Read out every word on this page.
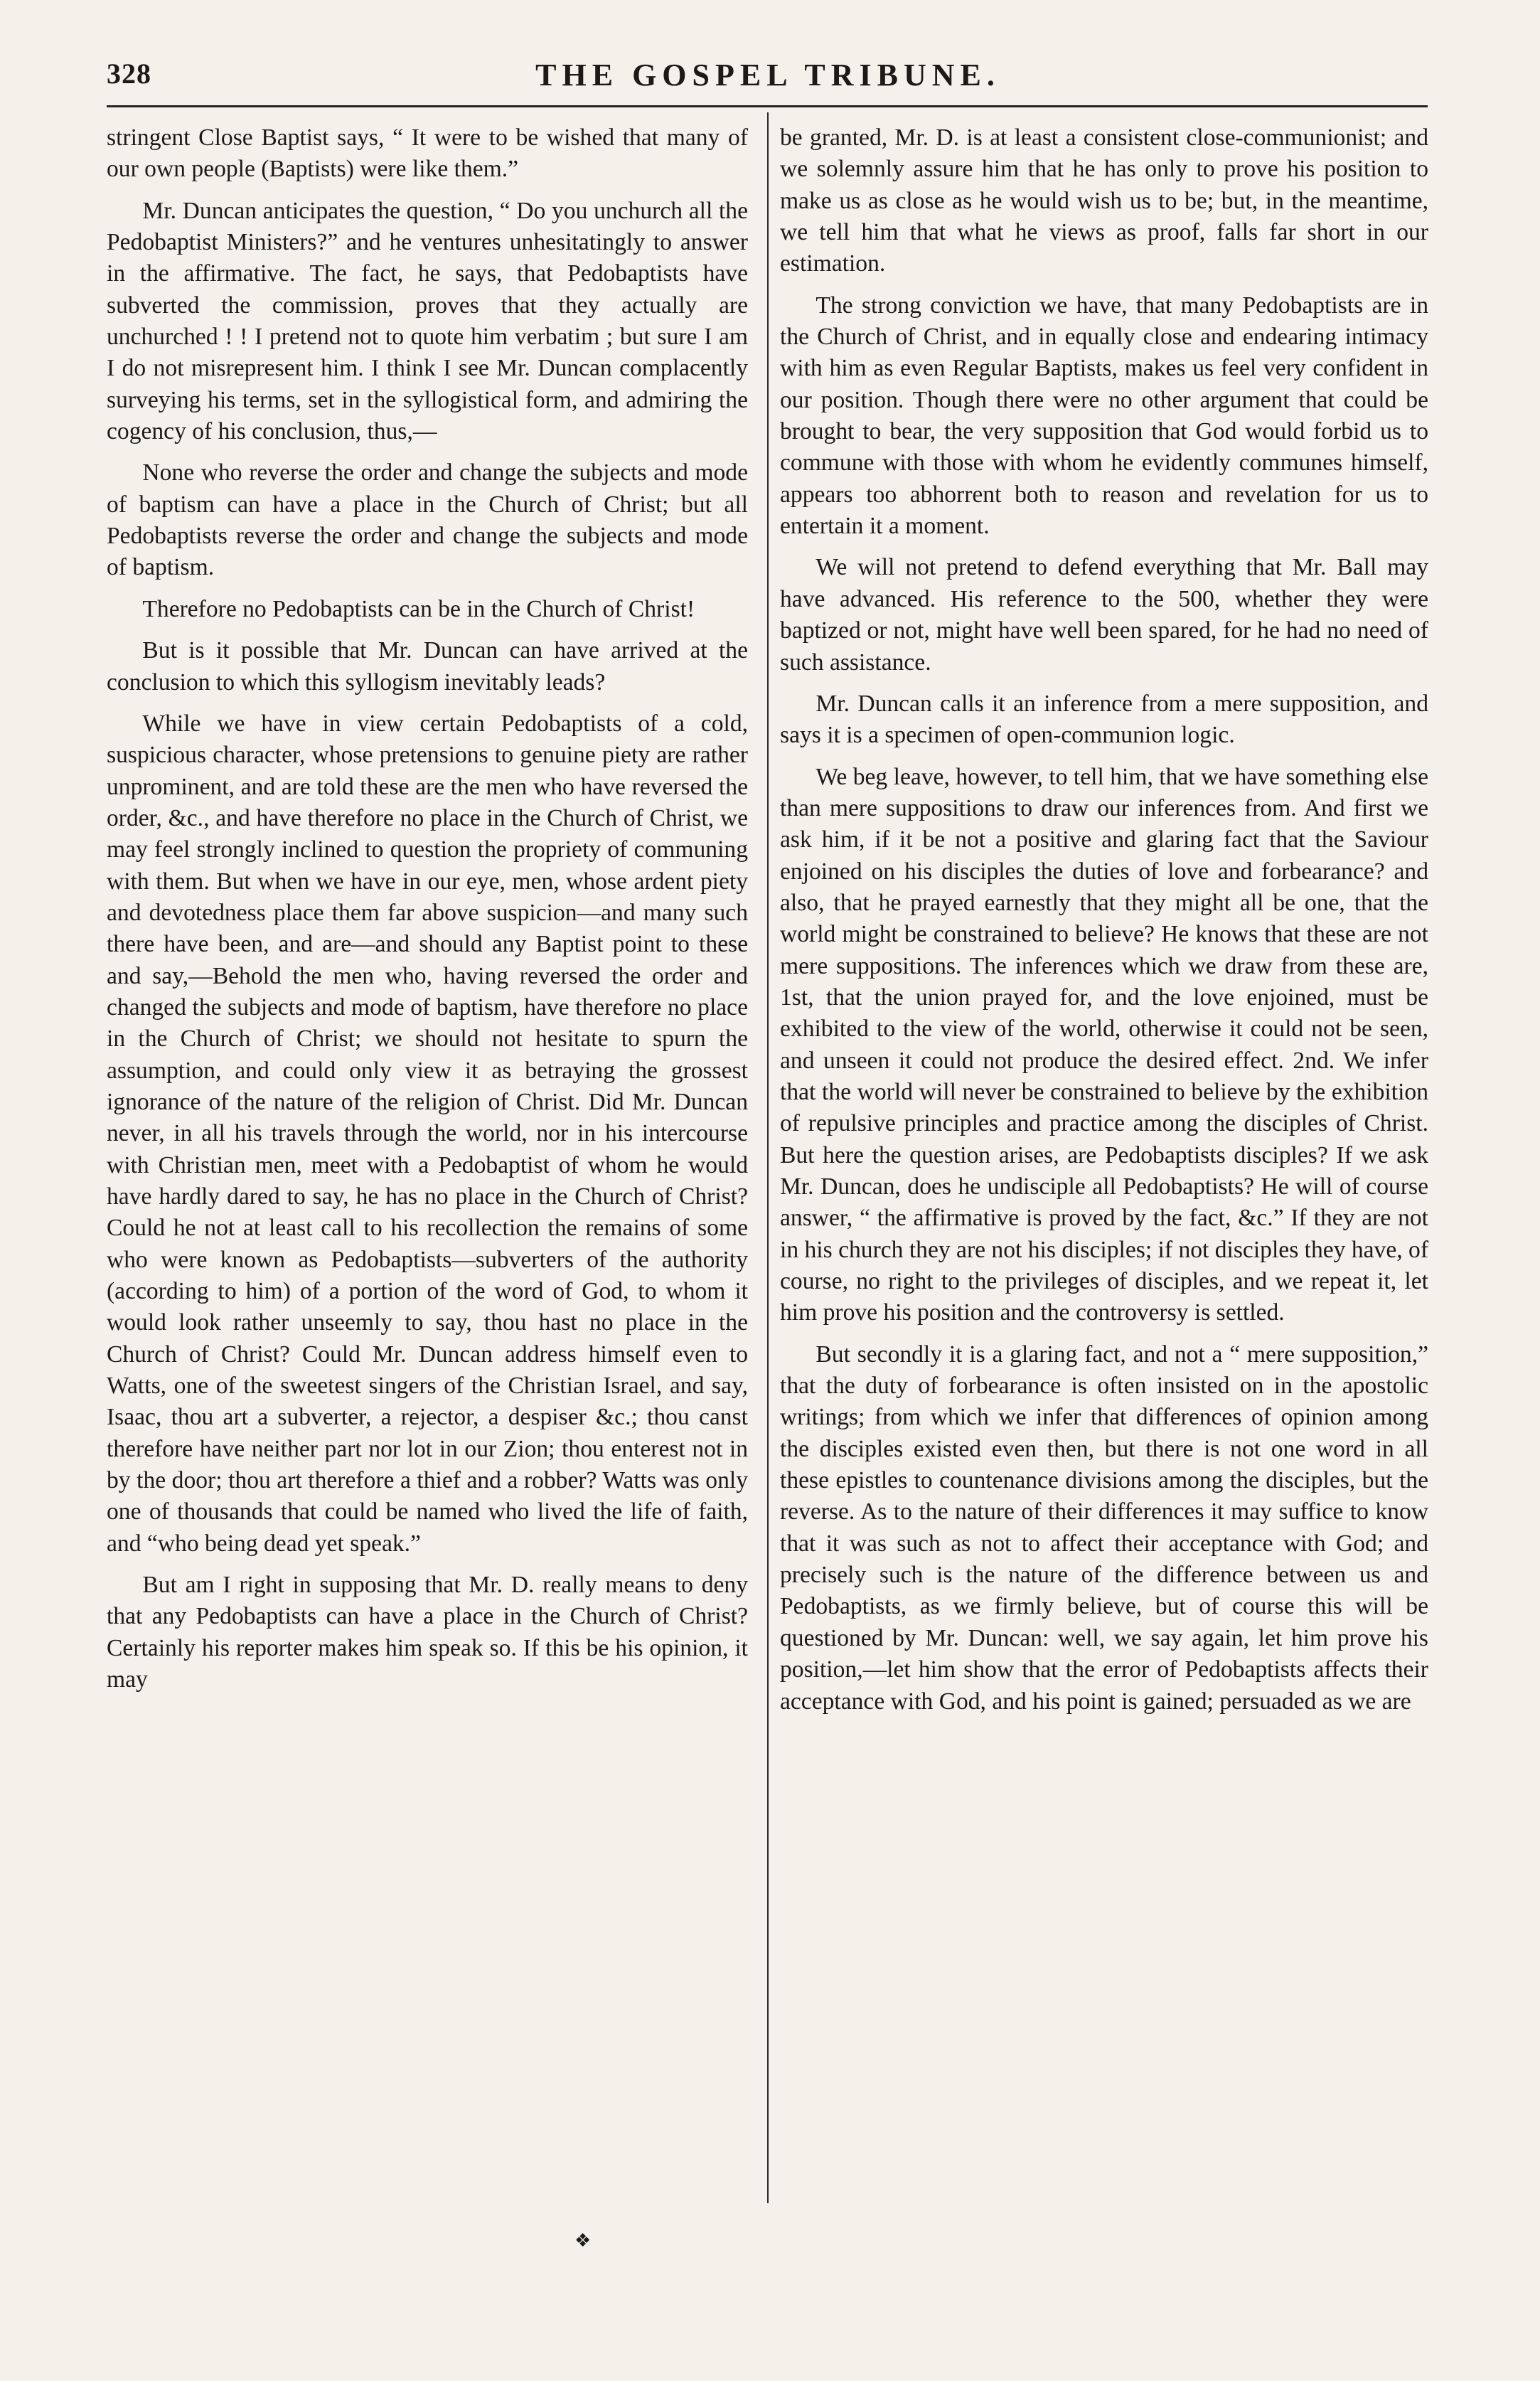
328	THE GOSPEL TRIBUNE.

stringent Close Baptist says, “ It were to be wished that many of our own people (Baptists) were like them.”

Mr. Duncan anticipates the question, “ Do you unchurch all the Pedobaptist Ministers?” and he ventures unhesitatingly to answer in the affirmative. The fact, he says, that Pedobaptists have subverted the commission, proves that they actually are unchurched ! ! I pretend not to quote him verbatim ; but sure I am I do not misrepresent him. I think I see Mr. Duncan complacently surveying his terms, set in the syllogistical form, and admiring the cogency of his conclusion, thus,—

None who reverse the order and change the subjects and mode of baptism can have a place in the Church of Christ; but all Pedobaptists reverse the order and change the subjects and mode of baptism.

Therefore no Pedobaptists can be in the Church of Christ!

But is it possible that Mr. Duncan can have arrived at the conclusion to which this syllogism inevitably leads?

While we have in view certain Pedobaptists of a cold, suspicious character, whose pretensions to genuine piety are rather unprominent, and are told these are the men who have reversed the order, &c., and have therefore no place in the Church of Christ, we may feel strongly inclined to question the propriety of communing with them. But when we have in our eye, men, whose ardent piety and devotedness place them far above suspicion—and many such there have been, and are—and should any Baptist point to these and say,—Behold the men who, having reversed the order and changed the subjects and mode of baptism, have therefore no place in the Church of Christ; we should not hesitate to spurn the assumption, and could only view it as betraying the grossest ignorance of the nature of the religion of Christ. Did Mr. Duncan never, in all his travels through the world, nor in his intercourse with Christian men, meet with a Pedobaptist of whom he would have hardly dared to say, he has no place in the Church of Christ? Could he not at least call to his recollection the remains of some who were known as Pedobaptists—subverters of the authority (according to him) of a portion of the word of God, to whom it would look rather unseemly to say, thou hast no place in the Church of Christ? Could Mr. Duncan address himself even to Watts, one of the sweetest singers of the Christian Israel, and say, Isaac, thou art a subverter, a rejector, a despiser &c.; thou canst therefore have neither part nor lot in our Zion; thou enterest not in by the door; thou art therefore a thief and a robber? Watts was only one of thousands that could be named who lived the life of faith, and “who being dead yet speak.”

But am I right in supposing that Mr. D. really means to deny that any Pedobaptists can have a place in the Church of Christ? Certainly his reporter makes him speak so. If this be his opinion, it may

be granted, Mr. D. is at least a consistent close-communionist; and we solemnly assure him that he has only to prove his position to make us as close as he would wish us to be; but, in the meantime, we tell him that what he views as proof, falls far short in our estimation.

The strong conviction we have, that many Pedobaptists are in the Church of Christ, and in equally close and endearing intimacy with him as even Regular Baptists, makes us feel very confident in our position. Though there were no other argument that could be brought to bear, the very supposition that God would forbid us to commune with those with whom he evidently communes himself, appears too abhorrent both to reason and revelation for us to entertain it a moment.

We will not pretend to defend everything that Mr. Ball may have advanced. His reference to the 500, whether they were baptized or not, might have well been spared, for he had no need of such assistance.

Mr. Duncan calls it an inference from a mere supposition, and says it is a specimen of open-communion logic.

We beg leave, however, to tell him, that we have something else than mere suppositions to draw our inferences from. And first we ask him, if it be not a positive and glaring fact that the Saviour enjoined on his disciples the duties of love and forbearance? and also, that he prayed earnestly that they might all be one, that the world might be constrained to believe? He knows that these are not mere suppositions. The inferences which we draw from these are, 1st, that the union prayed for, and the love enjoined, must be exhibited to the view of the world, otherwise it could not be seen, and unseen it could not produce the desired effect. 2nd. We infer that the world will never be constrained to believe by the exhibition of repulsive principles and practice among the disciples of Christ. But here the question arises, are Pedobaptists disciples? If we ask Mr. Duncan, does he undisciple all Pedobaptists? He will of course answer, “ the affirmative is proved by the fact, &c.” If they are not in his church they are not his disciples; if not disciples they have, of course, no right to the privileges of disciples, and we repeat it, let him prove his position and the controversy is settled.

But secondly it is a glaring fact, and not a “ mere supposition,” that the duty of forbearance is often insisted on in the apostolic writings; from which we infer that differences of opinion among the disciples existed even then, but there is not one word in all these epistles to countenance divisions among the disciples, but the reverse. As to the nature of their differences it may suffice to know that it was such as not to affect their acceptance with God; and precisely such is the nature of the difference between us and Pedobaptists, as we firmly believe, but of course this will be questioned by Mr. Duncan: well, we say again, let him prove his position,—let him show that the error of Pedobaptists affects their acceptance with God, and his point is gained; persuaded as we are

❖
